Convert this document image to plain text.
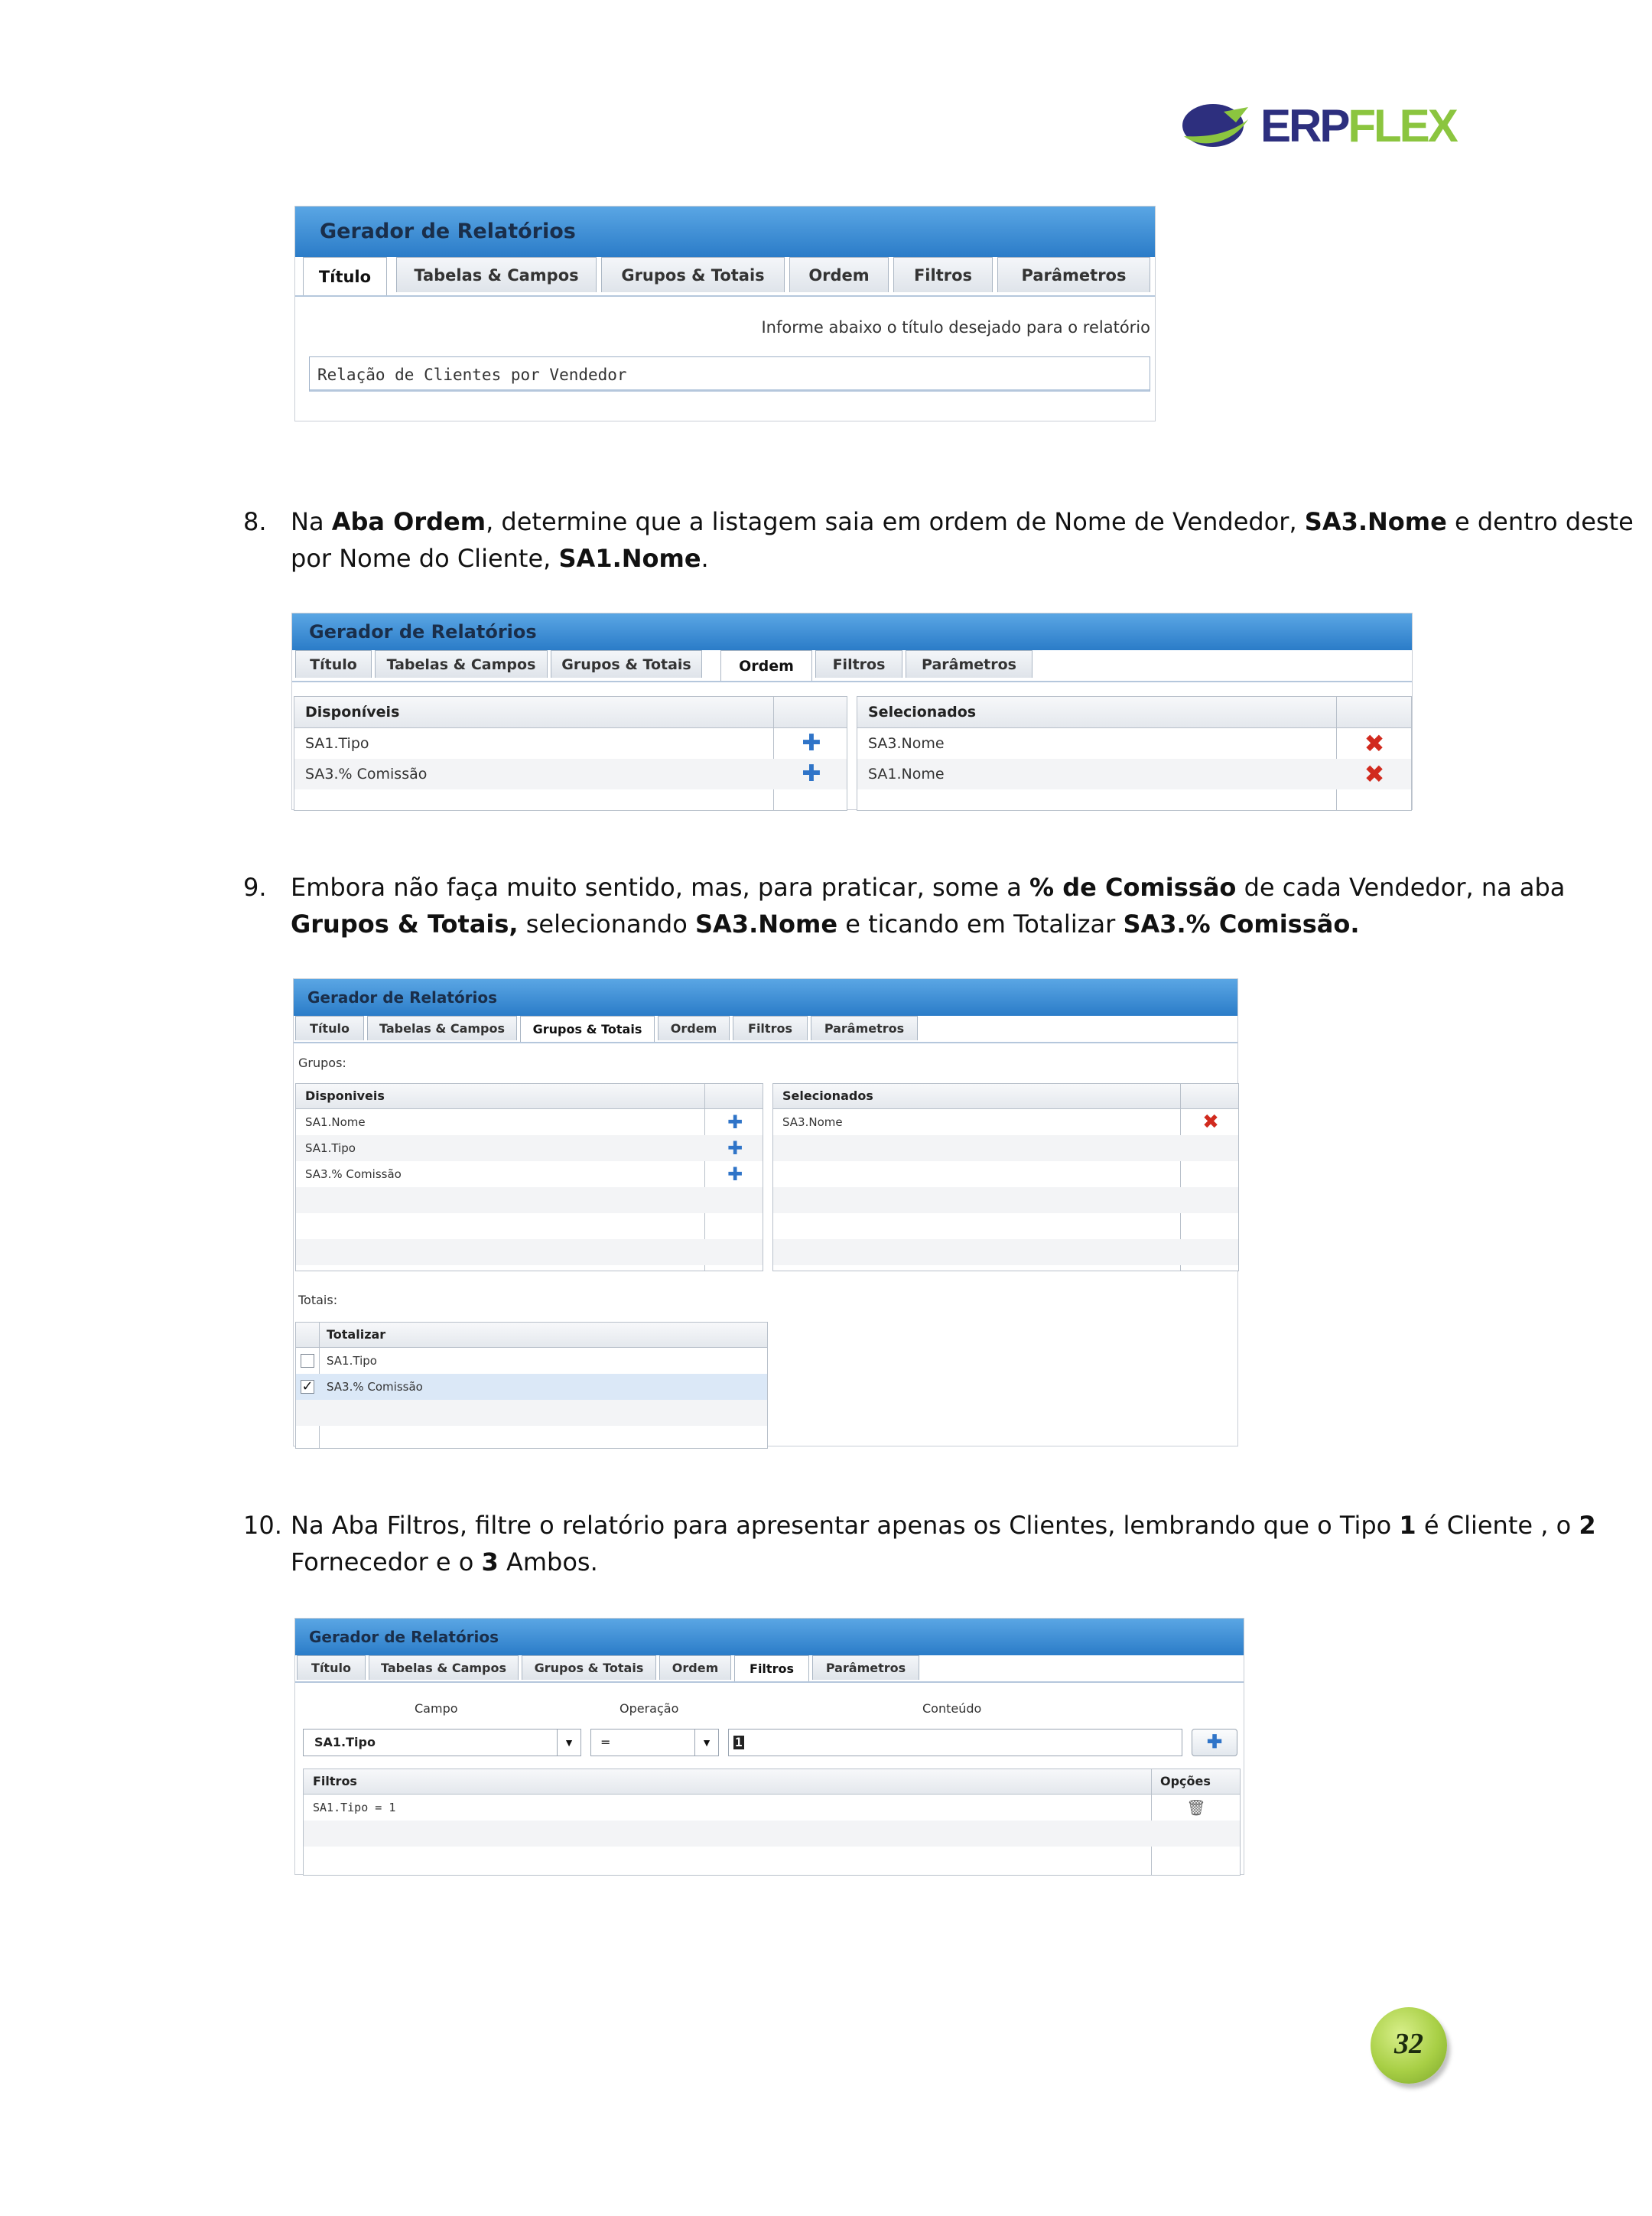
ERPFLEX
Gerador de Relatórios
Título	Tabelas & Campos	Grupos & Totais	Ordem	Filtros	Parâmetros
Informe abaixo o título desejado para o relatório
Relação de Clientes por Vendedor
8. Na Aba Ordem, determine que a listagem saia em ordem de Nome de Vendedor, SA3.Nome e dentro deste por Nome do Cliente, SA1.Nome.
Gerador de Relatórios
Título	Tabelas & Campos	Grupos & Totais	Ordem	Filtros	Parâmetros
Disponíveis
SA1.Tipo	✚
SA3.% Comissão	✚
Selecionados
SA3.Nome	✖
SA1.Nome	✖
9. Embora não faça muito sentido, mas, para praticar, some a % de Comissão de cada Vendedor, na aba Grupos & Totais, selecionando SA3.Nome e ticando em Totalizar SA3.% Comissão.
Gerador de Relatórios
Título	Tabelas & Campos	Grupos & Totais	Ordem	Filtros	Parâmetros
Grupos:
Disponiveis
SA1.Nome	✚
SA1.Tipo	✚
SA3.% Comissão	✚
Selecionados
SA3.Nome	✖
Totais:
Totalizar
SA1.Tipo
✓ SA3.% Comissão
10. Na Aba Filtros, filtre o relatório para apresentar apenas os Clientes, lembrando que o Tipo 1 é Cliente , o 2 Fornecedor e o 3 Ambos.
Gerador de Relatórios
Título	Tabelas & Campos	Grupos & Totais	Ordem	Filtros	Parâmetros
Campo	Operação	Conteúdo
SA1.Tipo	▼	=	▼	1	✚
Filtros	Opções
SA1.Tipo = 1	🗑
32
